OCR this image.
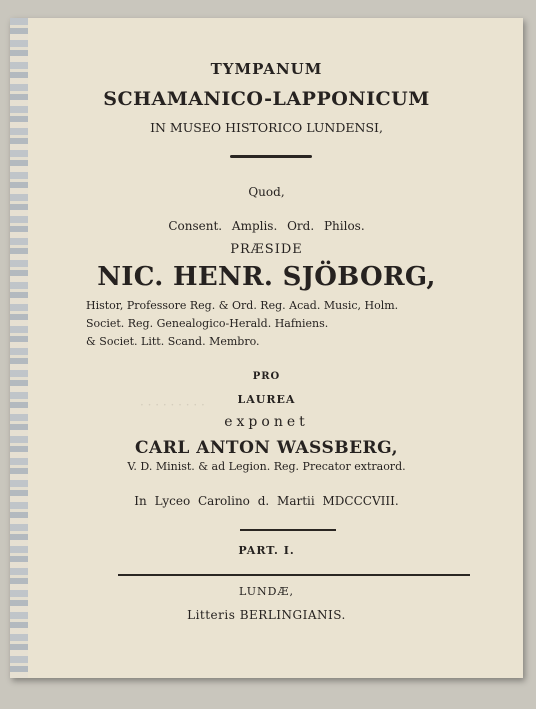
· · · · · · · · ·
TYMPANUM
SCHAMANICO-LAPPONICUM
IN MUSEO HISTORICO LUNDENSI,
Quod,
Consent. Amplis. Ord. Philos.
PRÆSIDE
NIC. HENR. SJÖBORG,
Histor, Professore Reg. & Ord. Reg. Acad. Music, Holm.
Societ. Reg. Genealogico-Herald. Hafniens.
& Societ. Litt. Scand. Membro.
PRO
LAUREA
exponet
CARL ANTON WASSBERG,
V. D. Minist. & ad Legion. Reg. Precator extraord.
In Lyceo Carolino d. Martii MDCCCVIII.
PART. I.
LUNDÆ,
Litteris BERLINGIANIS.
